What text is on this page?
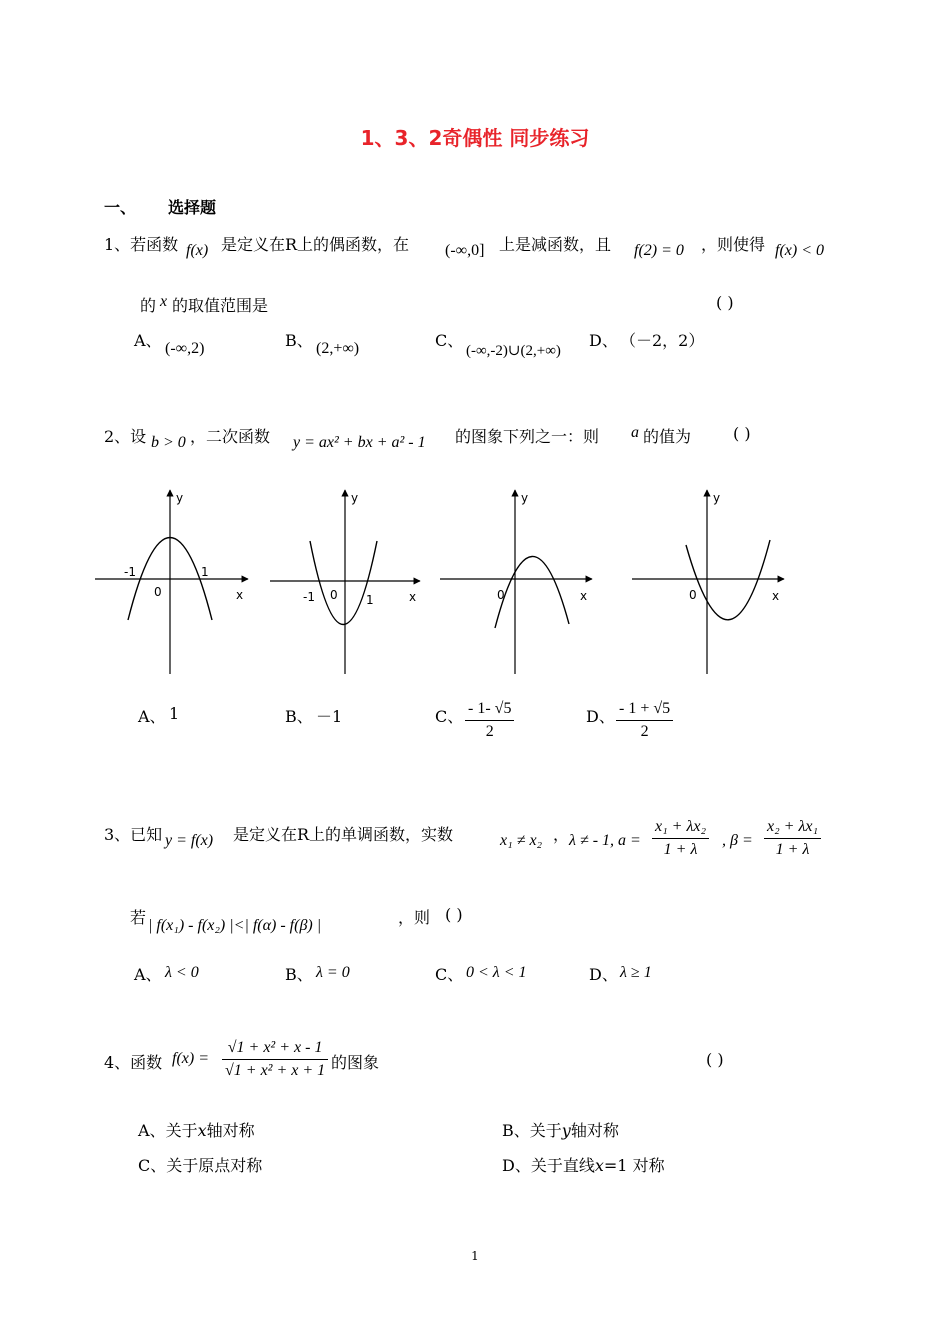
1、3、2奇偶性 同步练习
一、 选择题
1、若函数 f(x) 是定义在R上的偶函数，在 (-∞,0] 上是减函数，且 f(2) = 0 ，则使得 f(x) < 0
的 x 的取值范围是	( )
A、 (-∞,2)	B、 (2,+∞)	C、
(-∞,-2)∪(2,+∞)
D、 （－2，2）
2、设 b > 0 ，二次函数 y = ax² + bx + a² - 1 的图象下列之一：则 a 的值为	( )
y
x
0
-1	1
y
x
0
-1	1
y
x
0
y
x
0
A、 1	B、 －1	C、 $\frac{- 1- √5}{2}$	D、 $\frac{- 1 + √5}{2}$
3、已知 y = f(x) 是定义在R上的单调函数，实数	x₁ ≠ x₂ ， λ ≠ - 1, $a = \frac{\text{x₁ + λx₂}}{1 + \lambda}$ , $\beta = \frac{\text{x₂ + λx₁}}{1 + \lambda}$
若 | f(x₁) - f(x₂) |<| f(α) - f(β) |	，则 ( )
A、 λ < 0	B、 λ = 0	C、 0 < λ < 1	D、 λ ≥ 1
4、函数 $f(x) = \frac{\text{√1 + x² + x - 1}}{\text{√1 + x² + x + 1}}$ 的图象	( )
A、关于x轴对称	B、关于y轴对称
C、关于原点对称	D、关于直线x=1 对称
1
